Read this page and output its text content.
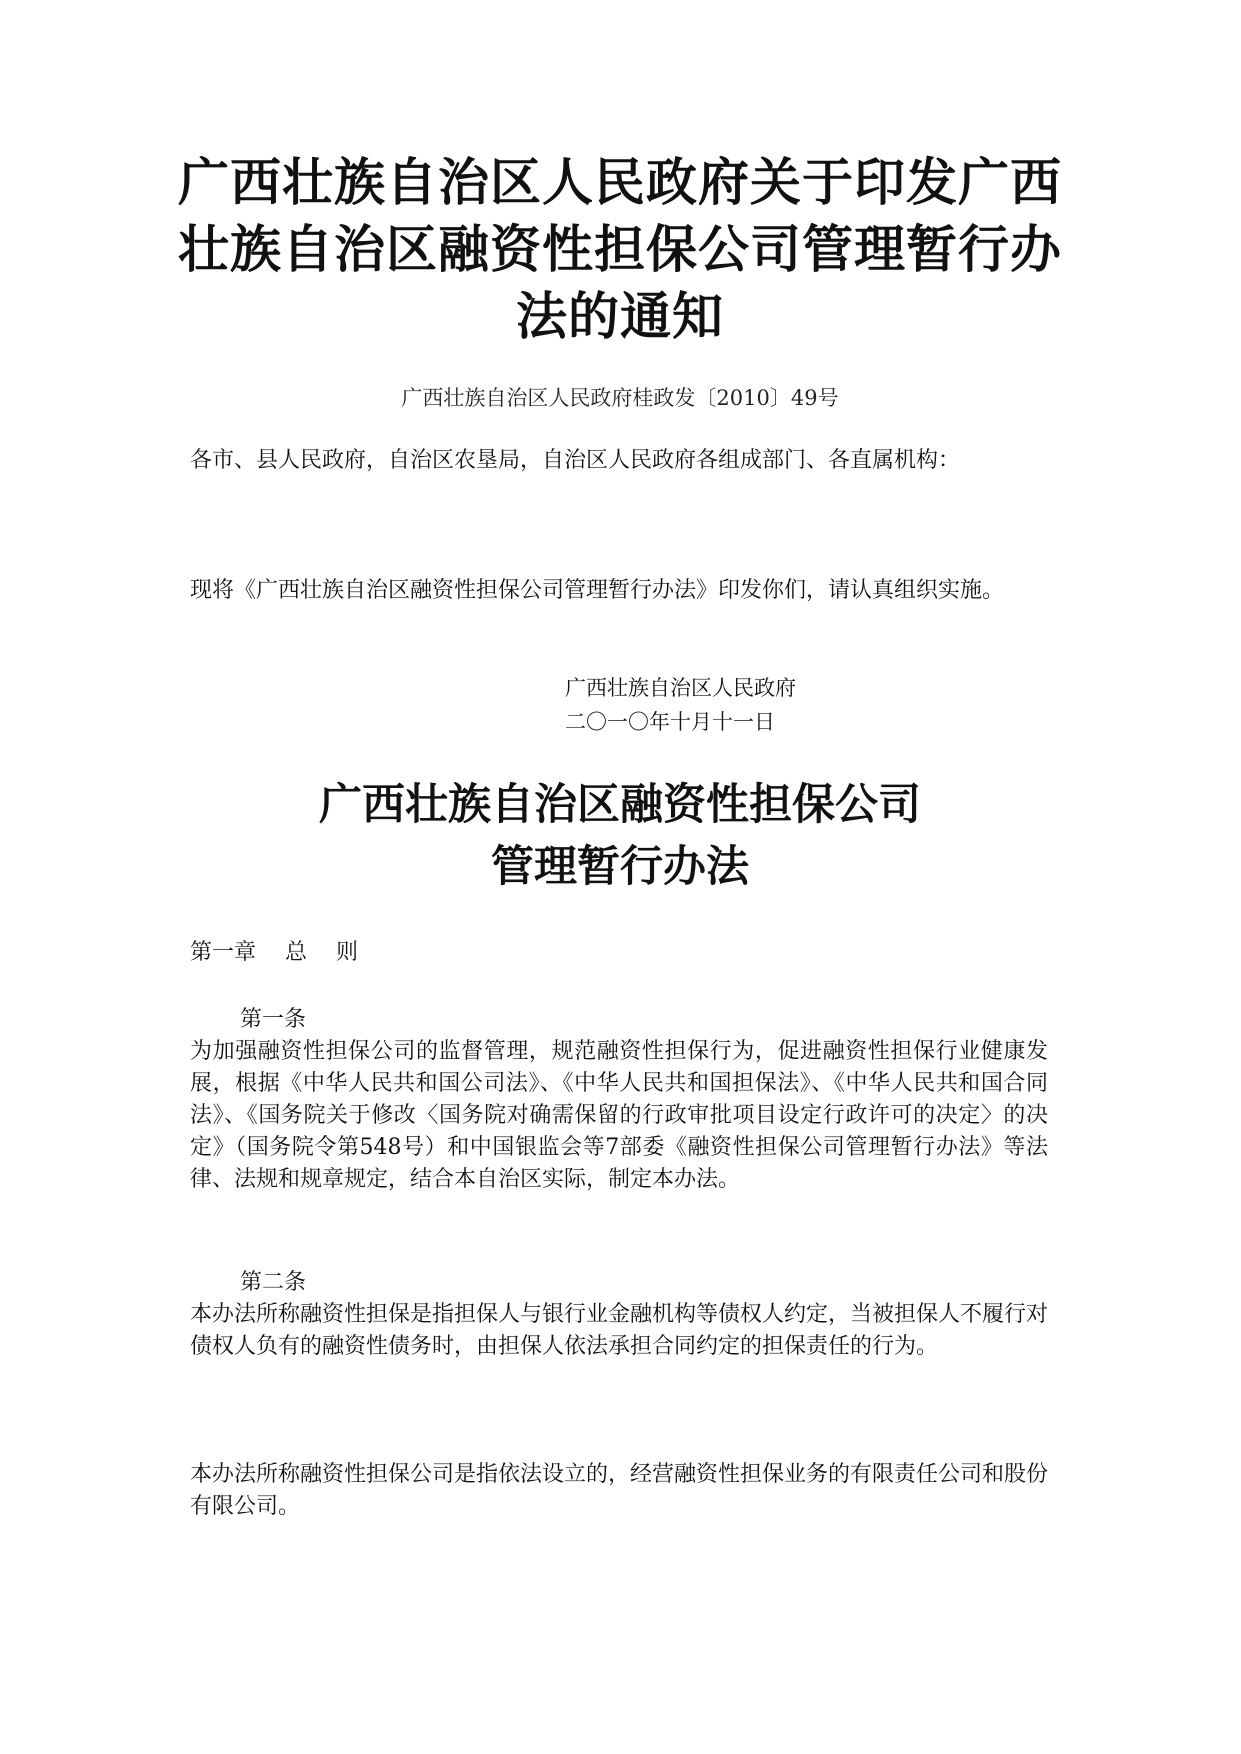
广西壮族自治区人民政府关于印发广西
壮族自治区融资性担保公司管理暂行办
法的通知
广西壮族自治区人民政府桂政发〔2010〕49号
各市、县人民政府，自治区农垦局，自治区人民政府各组成部门、各直属机构：
现将《广西壮族自治区融资性担保公司管理暂行办法》印发你们，请认真组织实施。
广西壮族自治区人民政府
二〇一〇年十月十一日
广西壮族自治区融资性担保公司
管理暂行办法
第一章　 总　 则
第一条
为加强融资性担保公司的监督管理，规范融资性担保行为，促进融资性担保行业健康发展，根据《中华人民共和国公司法》、《中华人民共和国担保法》、《中华人民共和国合同法》、《国务院关于修改〈国务院对确需保留的行政审批项目设定行政许可的决定〉的决定》（国务院令第548号）和中国银监会等7部委《融资性担保公司管理暂行办法》等法律、法规和规章规定，结合本自治区实际，制定本办法。
第二条
本办法所称融资性担保是指担保人与银行业金融机构等债权人约定，当被担保人不履行对债权人负有的融资性债务时，由担保人依法承担合同约定的担保责任的行为。
本办法所称融资性担保公司是指依法设立的，经营融资性担保业务的有限责任公司和股份有限公司。
